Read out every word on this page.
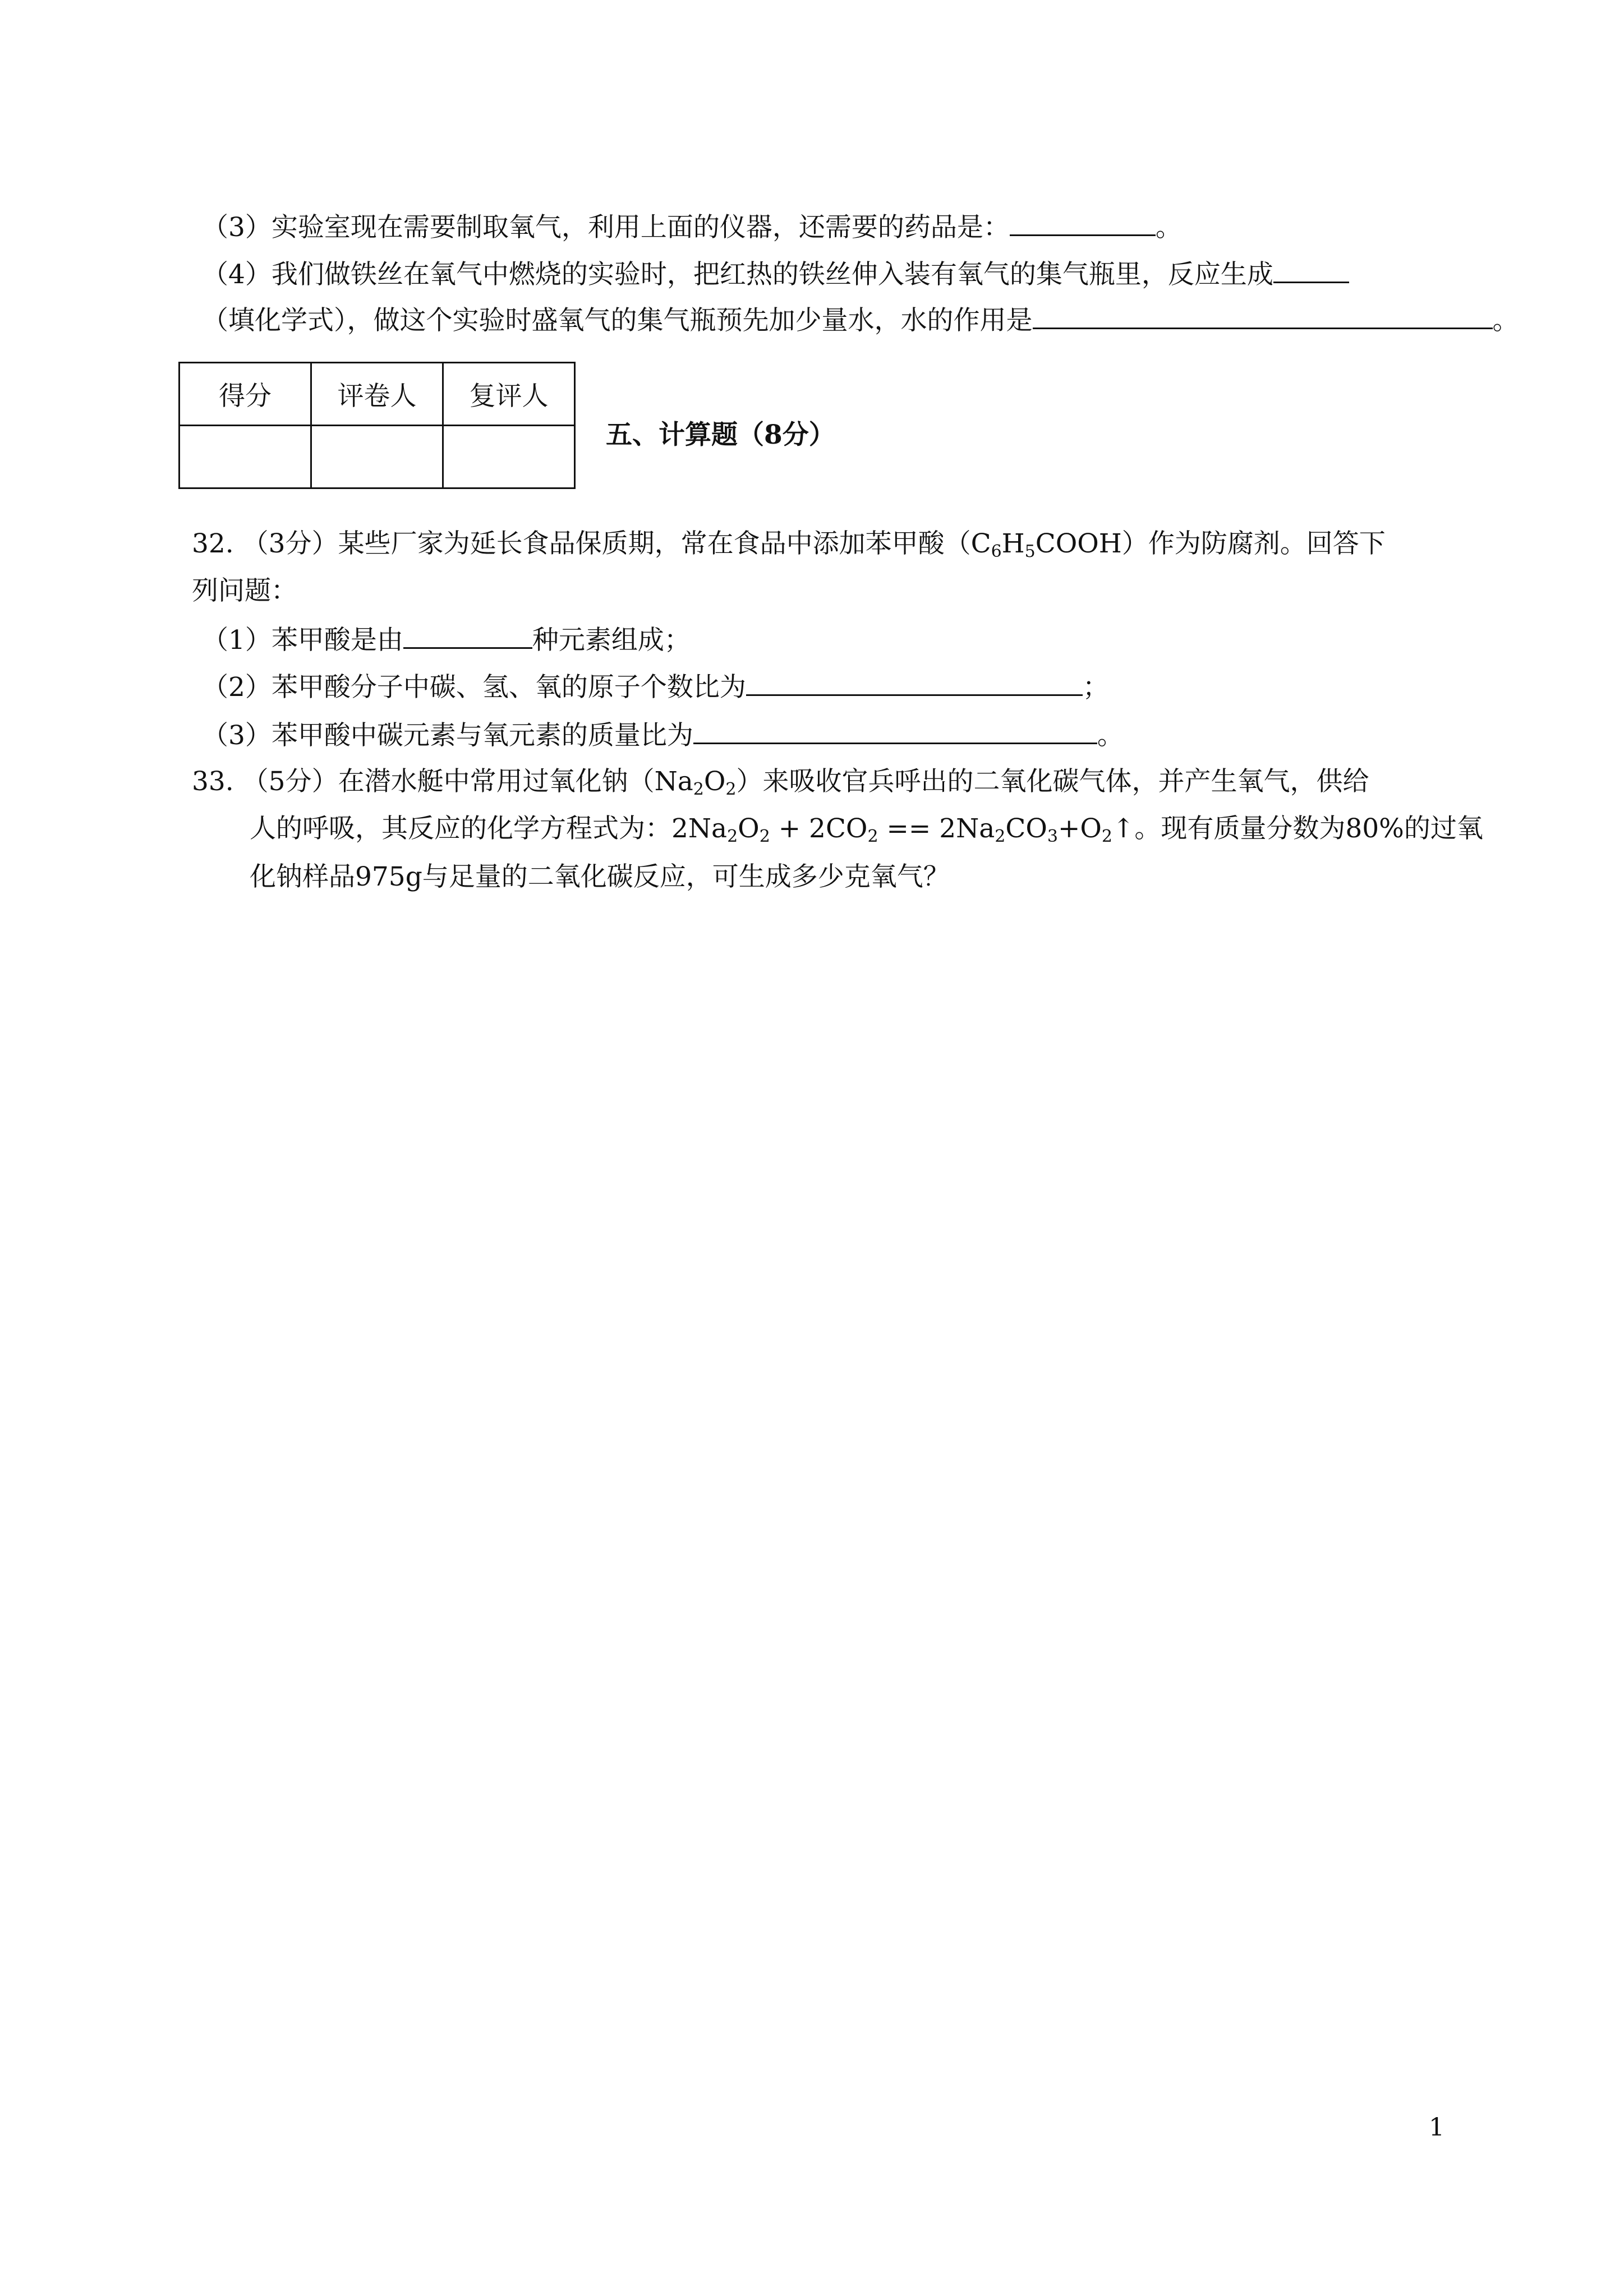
（3）实验室现在需要制取氧气，利用上面的仪器，还需要的药品是：	。
（4）我们做铁丝在氧气中燃烧的实验时，把红热的铁丝伸入装有氧气的集气瓶里，反应生成
（填化学式），做这个实验时盛氧气的集气瓶预先加少量水，水的作用是	。
得分	评卷人	复评人

五、计算题（8分）
32. （3分）某些厂家为延长食品保质期，常在食品中添加苯甲酸$(C_6H_5COOH)$作为防腐剂。回答下
列问题：
（1）苯甲酸是由	种元素组成；
（2）苯甲酸分子中碳、氢、氧的原子个数比为	；
（3）苯甲酸中碳元素与氧元素的质量比为	。
33. （5分）在潜水艇中常用过氧化钠$(Na_2O_2)$来吸收官兵呼出的二氧化碳气体，并产生氧气，供给
人的呼吸，其反应的化学方程式为：$2Na_2O_2 + 2CO_2$ == $2Na_2CO_3+O_2↑$。现有质量分数为80%的过氧
化钠样品975g与足量的二氧化碳反应，可生成多少克氧气？
1
